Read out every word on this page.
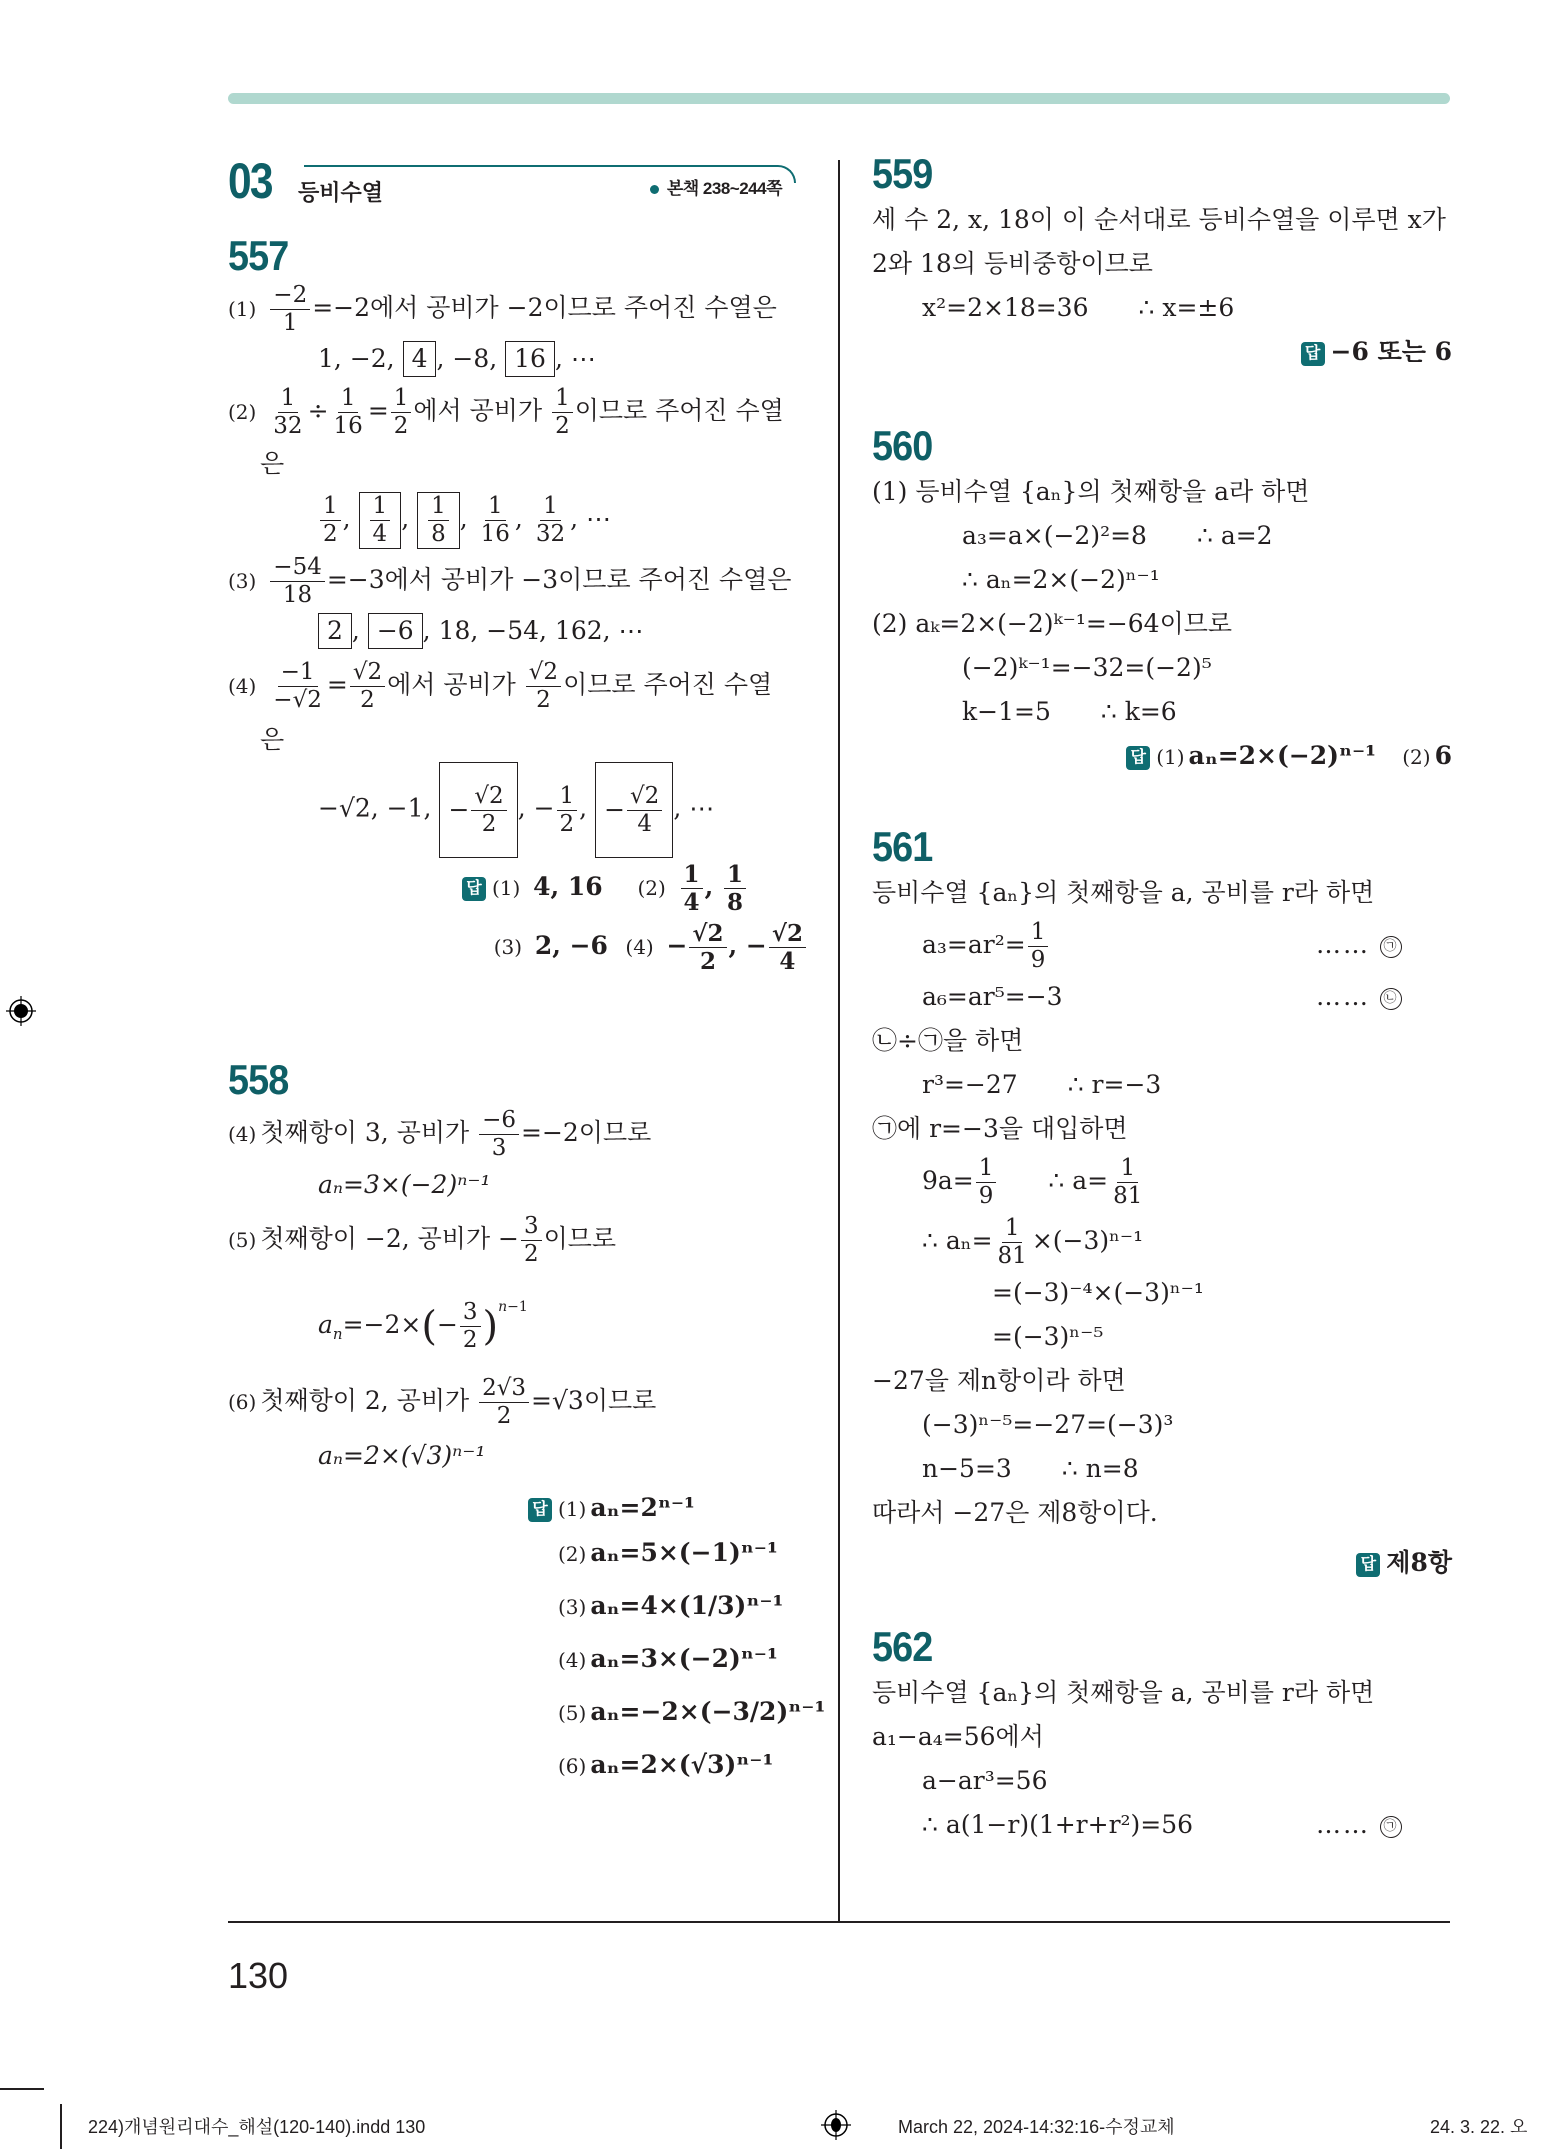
03 등비수열	본책 238~244쪽
557
$(1) \frac{-2}{1} =-2$에서 공비가 −2이므로 주어진 수열은
1, −2, 4 , −8, 16 , ⋯
$(2) \frac{1}{32} \div \frac{1}{16} = \frac{1}{2}$ 에서 공비가 $\frac{1}{2}$ 이므로 주어진 수열
은
$\frac{1}{2}$ , $\frac{1}{4}$ , $\frac{1}{8}$ , $\frac{1}{16}$ , $\frac{1}{32}$ , ⋯
$(3) \frac{-54}{18} =-3$에서 공비가 −3이므로 주어진 수열은
2 , −6 , 18, −54, 162, ⋯
$(4) \frac{-1}{-√2} = \frac{√2}{2}$ 에서 공비가 $\frac{√2}{2}$ 이므로 주어진 수열
은
−√2, −1, − $\frac{√2}{2}$ , − $\frac{1}{2}$ , − $\frac{√2}{4}$ , ⋯
답 (1) 4, 16 $(2) \frac{1}{4}$ , $\frac{1}{8}$
(3) 2, −6 $(4) - \frac{√2}{2}$ , − $\frac{√2}{4}$
558
(4) 첫째항이 3, 공비가 $\frac{-6}{3} =-2$이므로
aₙ=3×(−2)ⁿ⁻¹
(5) 첫째항이 −2, 공비가 − $\frac{3}{2}$ 이므로
$a_n=-2\times(- \frac{3}{2} )^{n-1}$
(6) 첫째항이 2, 공비가 $\frac{2√3}{2} =√3$이므로
aₙ=2×(√3)ⁿ⁻¹
답 (1) aₙ=2ⁿ⁻¹
(2) aₙ=5×(−1)ⁿ⁻¹
(3) aₙ=4×(1/3)ⁿ⁻¹
(4) aₙ=3×(−2)ⁿ⁻¹
(5) aₙ=−2×(−3/2)ⁿ⁻¹
(6) aₙ=2×(√3)ⁿ⁻¹
559
세 수 2, x, 18이 이 순서대로 등비수열을 이루면 x가
2와 18의 등비중항이므로
x²=2×18=36 ∴ x=±6
답 −6 또는 6
560
(1) 등비수열 {aₙ}의 첫째항을 a라 하면
a₃=a×(−2)²=8 ∴ a=2
∴ aₙ=2×(−2)ⁿ⁻¹
(2) aₖ=2×(−2)ᵏ⁻¹=−64이므로
(−2)ᵏ⁻¹=−32=(−2)⁵
k−1=5 ∴ k=6
답 (1) aₙ=2×(−2)ⁿ⁻¹ (2) 6
561
등비수열 {aₙ}의 첫째항을 a, 공비를 r라 하면
$a_3=ar^2= \frac{1}{9}$	…… ㉠
a₆=ar⁵=−3	…… ㉡
㉡÷㉠을 하면
r³=−27 ∴ r=−3
㉠에 r=−3을 대입하면
$9a= \frac{1}{9}$ ∴ $a= \frac{1}{81}$
∴ $a_n= \frac{1}{81} \times(-3)^{n-1}$
=(−3)⁻⁴×(−3)ⁿ⁻¹
=(−3)ⁿ⁻⁵
−27을 제n항이라 하면
(−3)ⁿ⁻⁵=−27=(−3)³
n−5=3 ∴ n=8
따라서 −27은 제8항이다.
답 제8항
562
등비수열 {aₙ}의 첫째항을 a, 공비를 r라 하면
a₁−a₄=56에서
a−ar³=56
∴ a(1−r)(1+r+r²)=56	…… ㉠
130
224)개념원리대수_해설(120-140).indd 130	March 22, 2024-14:32:16-수정교체	24. 3. 22. 오
